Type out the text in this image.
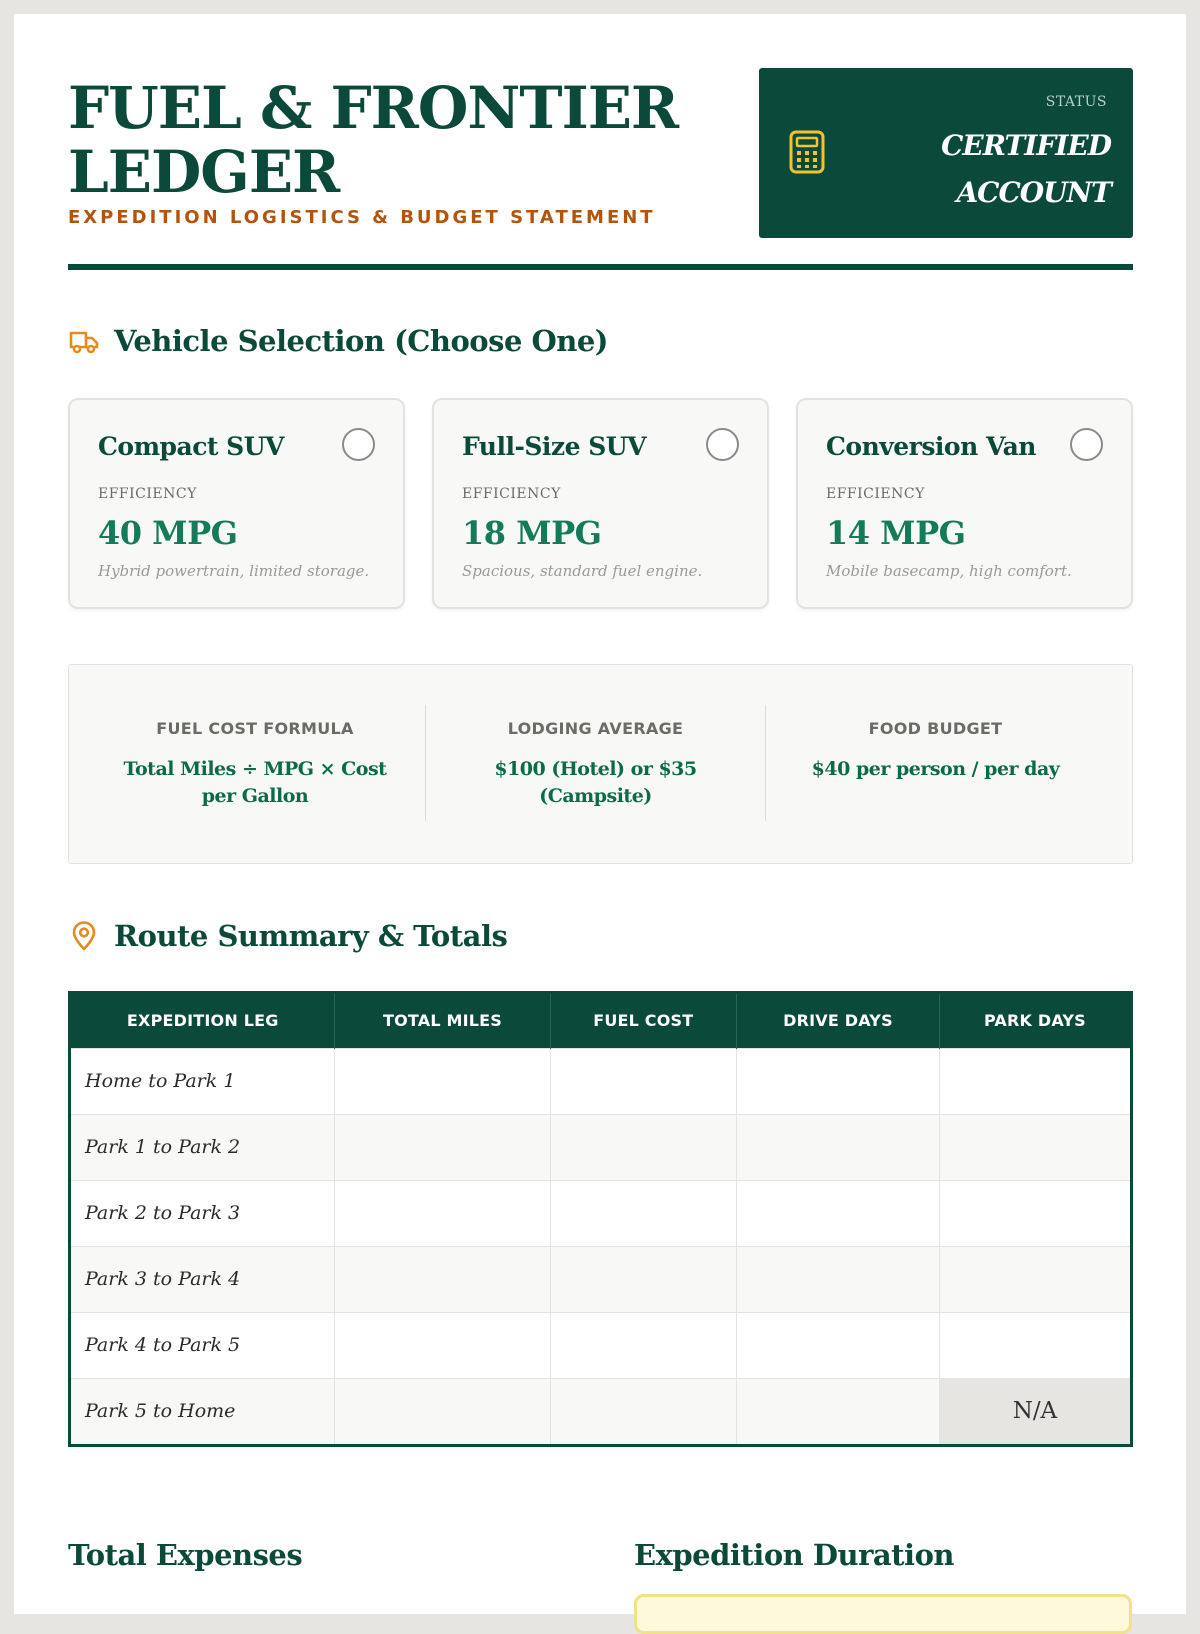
FUEL & FRONTIER
LEDGER
EXPEDITION LOGISTICS & BUDGET STATEMENT
STATUS
CERTIFIED
ACCOUNT
Vehicle Selection (Choose One)
Compact SUV
EFFICIENCY
40 MPG
Hybrid powertrain, limited storage.
Full-Size SUV
EFFICIENCY
18 MPG
Spacious, standard fuel engine.
Conversion Van
EFFICIENCY
14 MPG
Mobile basecamp, high comfort.
FUEL COST FORMULA
Total Miles ÷ MPG × Cost per Gallon
LODGING AVERAGE
$100 (Hotel) or $35 (Campsite)
FOOD BUDGET
$40 per person / per day
Route Summary & Totals
EXPEDITION LEG	TOTAL MILES	FUEL COST	DRIVE DAYS	PARK DAYS
Home to Park 1				
Park 1 to Park 2				
Park 2 to Park 3				
Park 3 to Park 4				
Park 4 to Park 5				
Park 5 to Home				N/A
Total Expenses	Expedition Duration
